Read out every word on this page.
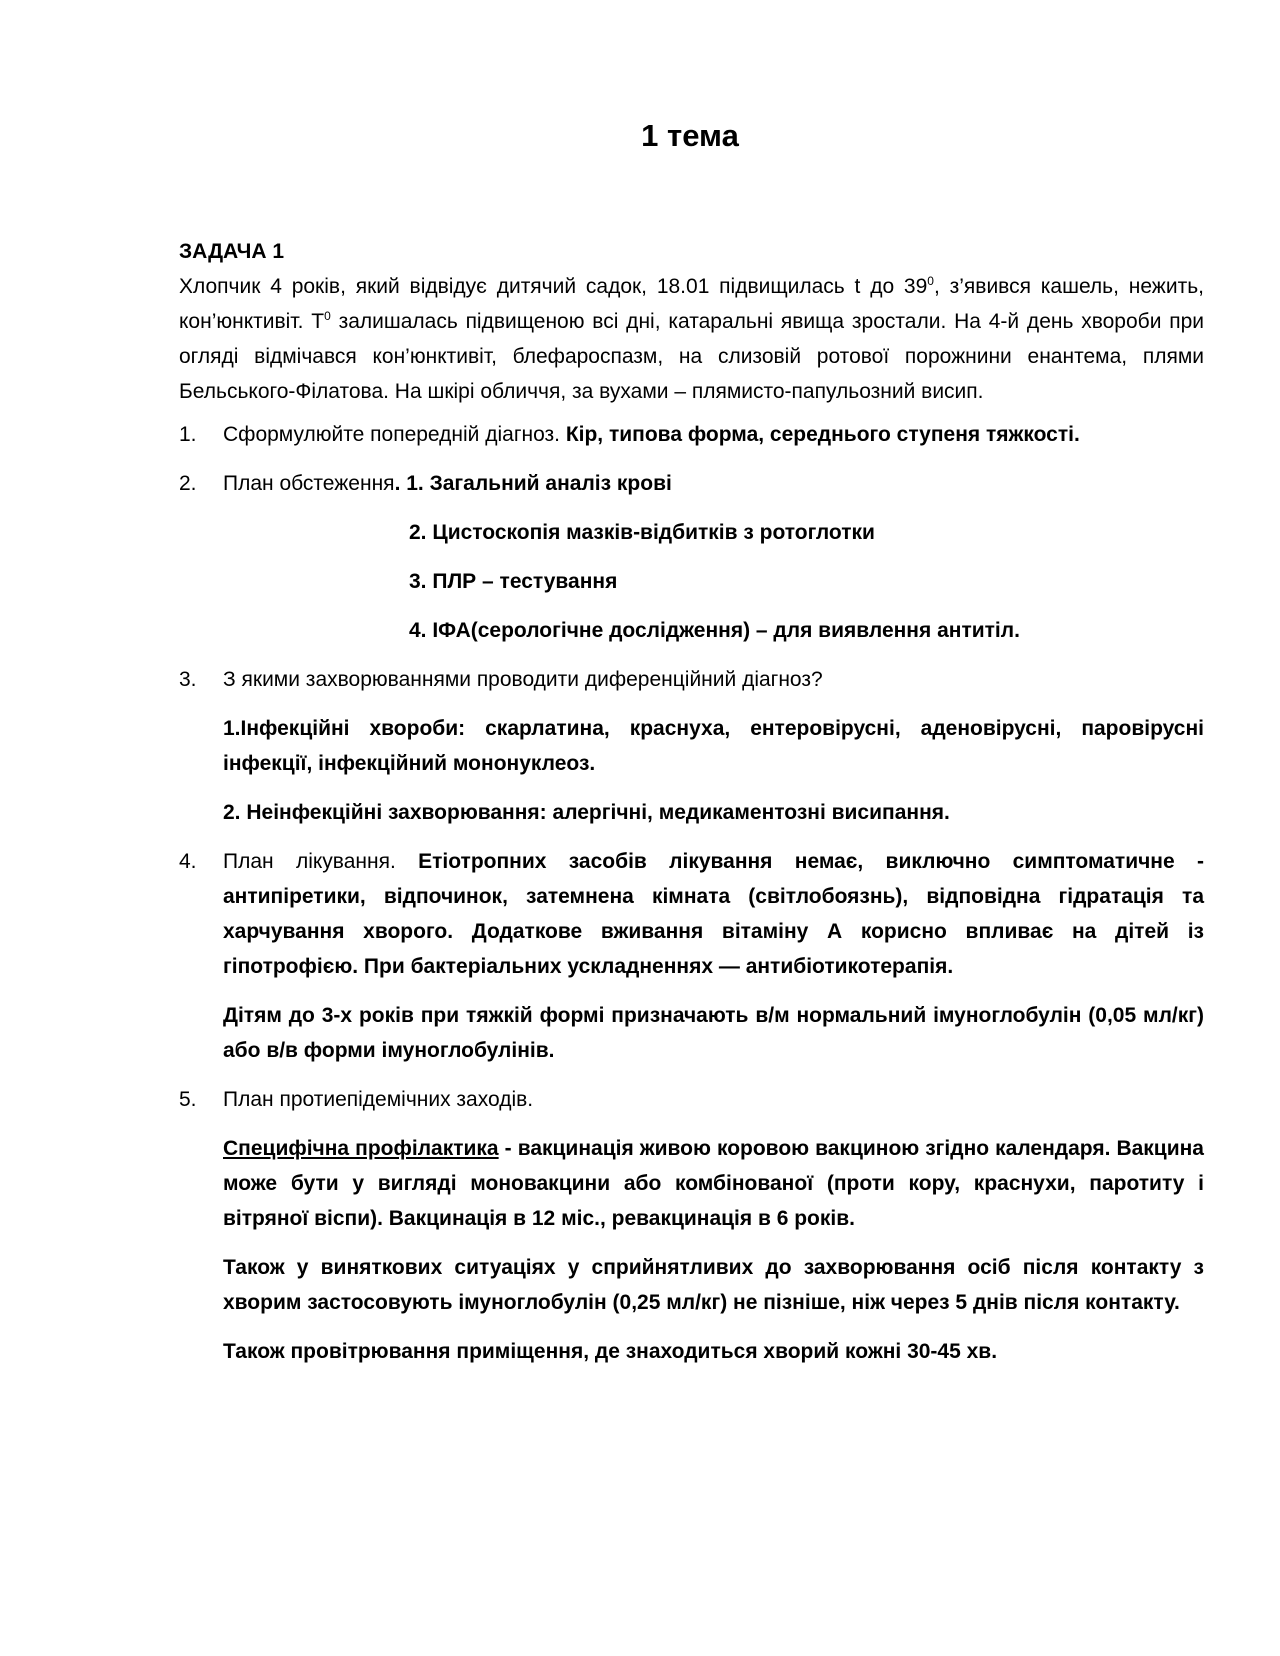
1 тема

ЗАДАЧА 1

Хлопчик 4 років, який відвідує дитячий садок, 18.01 підвищилась t до $39^0$, з’явився кашель, нежить, кон’юнктивіт. $Т^0$ залишалась підвищеною всі дні, катаральні явища зростали. На 4-й день хвороби при огляді відмічався кон’юнктивіт, блефароспазм, на слизовій ротової порожнини енантема, плями Бельського-Філатова. На шкірі обличчя, за вухами – плямисто-папульозний висип.

1.	Сформулюйте попередній діагноз. Кір, типова форма, середнього ступеня тяжкості.
2.	План обстеження. 1. Загальний аналіз крові

2. Цистоскопія мазків-відбитків з ротоглотки

3. ПЛР – тестування

4. ІФА(серологічне дослідження) – для виявлення антитіл.

3.	З якими захворюваннями проводити диференційний діагноз?

1.Інфекційні хвороби: скарлатина, краснуха, ентеровірусні, аденовірусні, паровірусні інфекції, інфекційний мононуклеоз.

2. Неінфекційні захворювання: алергічні, медикаментозні висипання.

4.	План лікування. Етіотропних засобів лікування немає, виключно симптоматичне - антипіретики, відпочинок, затемнена кімната (світлобоязнь), відповідна гідратація та харчування хворого. Додаткове вживання вітаміну А корисно впливає на дітей із гіпотрофією. При бактеріальних ускладненнях — антибіотикотерапія.

Дітям до 3-х років при тяжкій формі призначають в/м нормальний імуноглобулін (0,05 мл/кг) або в/в форми імуноглобулінів.

5.	План протиепідемічних заходів.

Специфічна профілактика - вакцинація живою коровою вакциною згідно календаря. Вакцина може бути у вигляді моновакцини або комбінованої (проти кору, краснухи, паротиту і вітряної віспи). Вакцинація в 12 міс., ревакцинація в 6 років.

Також у виняткових ситуаціях у сприйнятливих до захворювання осіб після контакту з хворим застосовують імуноглобулін (0,25 мл/кг) не пізніше, ніж через 5 днів після контакту.

Також провітрювання приміщення, де знаходиться хворий кожні 30-45 хв.
